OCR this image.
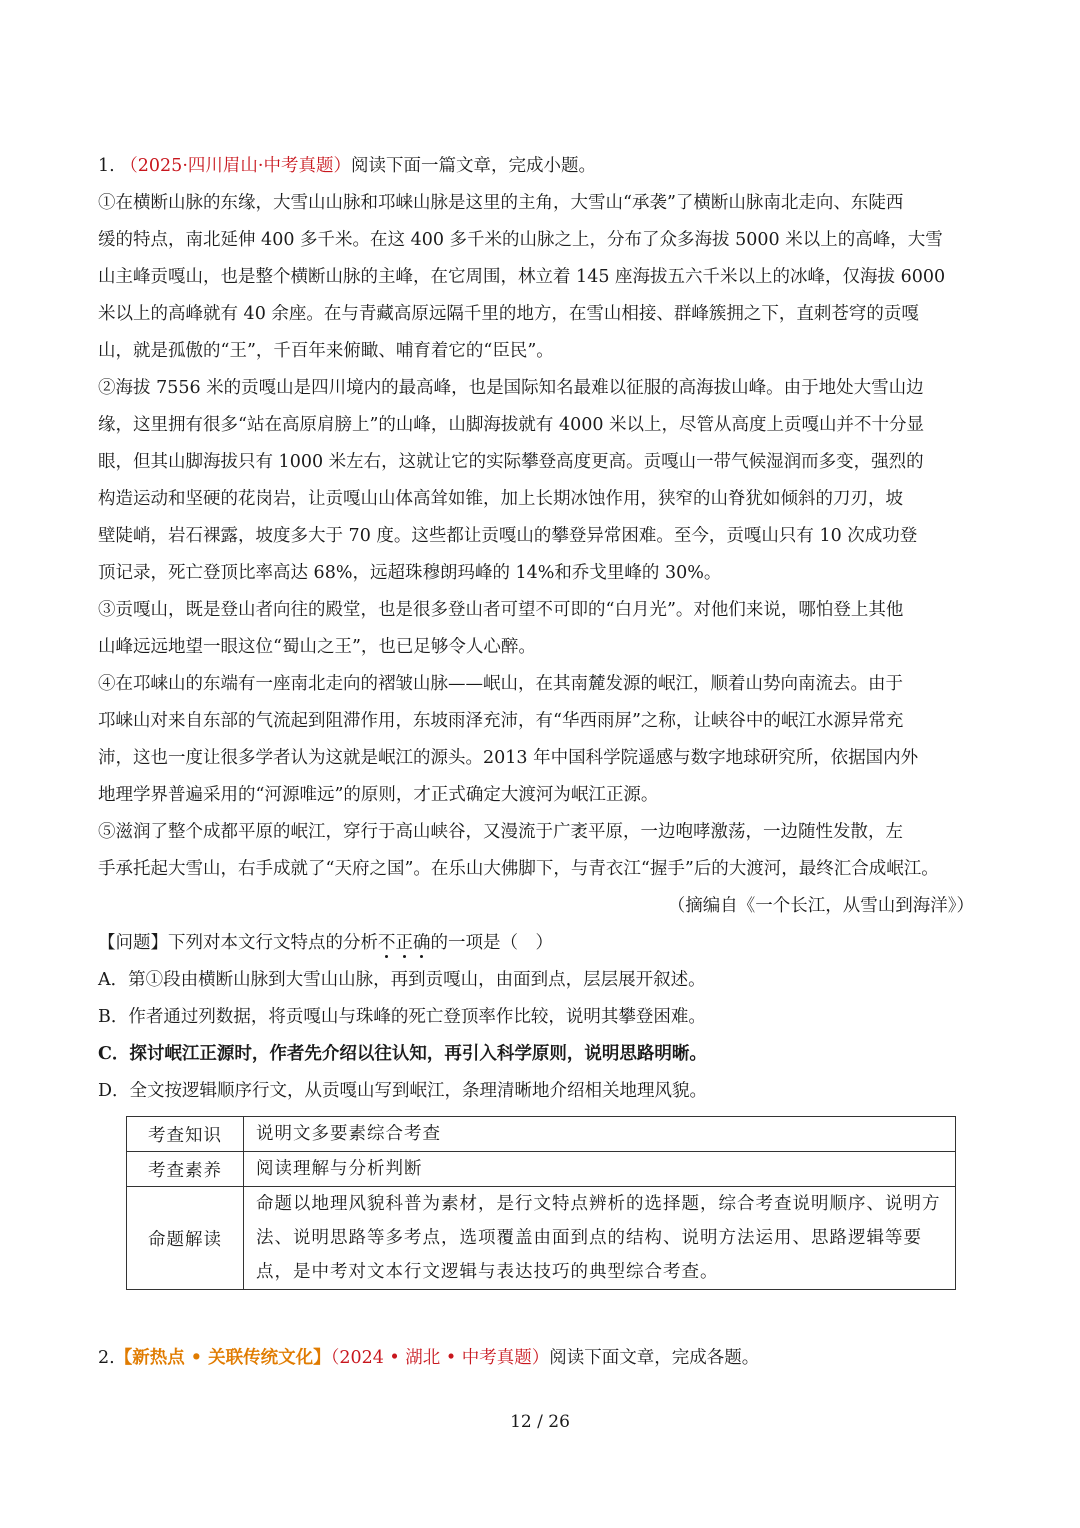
1. （2025·四川眉山·中考真题）阅读下面一篇文章，完成小题。
①在横断山脉的东缘，大雪山山脉和邛崃山脉是这里的主角，大雪山“承袭”了横断山脉南北走向、东陡西
缓的特点，南北延伸 400 多千米。在这 400 多千米的山脉之上，分布了众多海拔 5000 米以上的高峰，大雪
山主峰贡嘎山，也是整个横断山脉的主峰，在它周围，林立着 145 座海拔五六千米以上的冰峰，仅海拔 6000
米以上的高峰就有 40 余座。在与青藏高原远隔千里的地方，在雪山相接、群峰簇拥之下，直刺苍穹的贡嘎
山，就是孤傲的“王”，千百年来俯瞰、哺育着它的“臣民”。
②海拔 7556 米的贡嘎山是四川境内的最高峰，也是国际知名最难以征服的高海拔山峰。由于地处大雪山边
缘，这里拥有很多“站在高原肩膀上”的山峰，山脚海拔就有 4000 米以上，尽管从高度上贡嘎山并不十分显
眼，但其山脚海拔只有 1000 米左右，这就让它的实际攀登高度更高。贡嘎山一带气候湿润而多变，强烈的
构造运动和坚硬的花岗岩，让贡嘎山山体高耸如锥，加上长期冰蚀作用，狭窄的山脊犹如倾斜的刀刃，坡
壁陡峭，岩石裸露，坡度多大于 70 度。这些都让贡嘎山的攀登异常困难。至今，贡嘎山只有 10 次成功登
顶记录，死亡登顶比率高达 68%，远超珠穆朗玛峰的 14%和乔戈里峰的 30%。
③贡嘎山，既是登山者向往的殿堂，也是很多登山者可望不可即的“白月光”。对他们来说，哪怕登上其他
山峰远远地望一眼这位“蜀山之王”，也已足够令人心醉。
④在邛崃山的东端有一座南北走向的褶皱山脉——岷山，在其南麓发源的岷江，顺着山势向南流去。由于
邛崃山对来自东部的气流起到阻滞作用，东坡雨泽充沛，有“华西雨屏”之称，让峡谷中的岷江水源异常充
沛，这也一度让很多学者认为这就是岷江的源头。2013 年中国科学院遥感与数字地球研究所，依据国内外
地理学界普遍采用的“河源唯远”的原则，才正式确定大渡河为岷江正源。
⑤滋润了整个成都平原的岷江，穿行于高山峡谷，又漫流于广袤平原，一边咆哮激荡，一边随性发散，左
手承托起大雪山，右手成就了“天府之国”。在乐山大佛脚下，与青衣江“握手”后的大渡河，最终汇合成岷江。
（摘编自《一个长江，从雪山到海洋》）
【问题】下列对本文行文特点的分析不正确的一项是（　）
A．第①段由横断山脉到大雪山山脉，再到贡嘎山，由面到点，层层展开叙述。
B．作者通过列数据，将贡嘎山与珠峰的死亡登顶率作比较，说明其攀登困难。
C．探讨岷江正源时，作者先介绍以往认知，再引入科学原则，说明思路明晰。
D．全文按逻辑顺序行文，从贡嘎山写到岷江，条理清晰地介绍相关地理风貌。
考查知识	说明文多要素综合考查
考查素养	阅读理解与分析判断
命题解读	命题以地理风貌科普为素材，是行文特点辨析的选择题，综合考查说明顺序、说明方法、说明思路等多考点，选项覆盖由面到点的结构、说明方法运用、思路逻辑等要点，是中考对文本行文逻辑与表达技巧的典型综合考查。
2.【新热点 • 关联传统文化】（2024 • 湖北 • 中考真题）阅读下面文章，完成各题。
12 / 26
